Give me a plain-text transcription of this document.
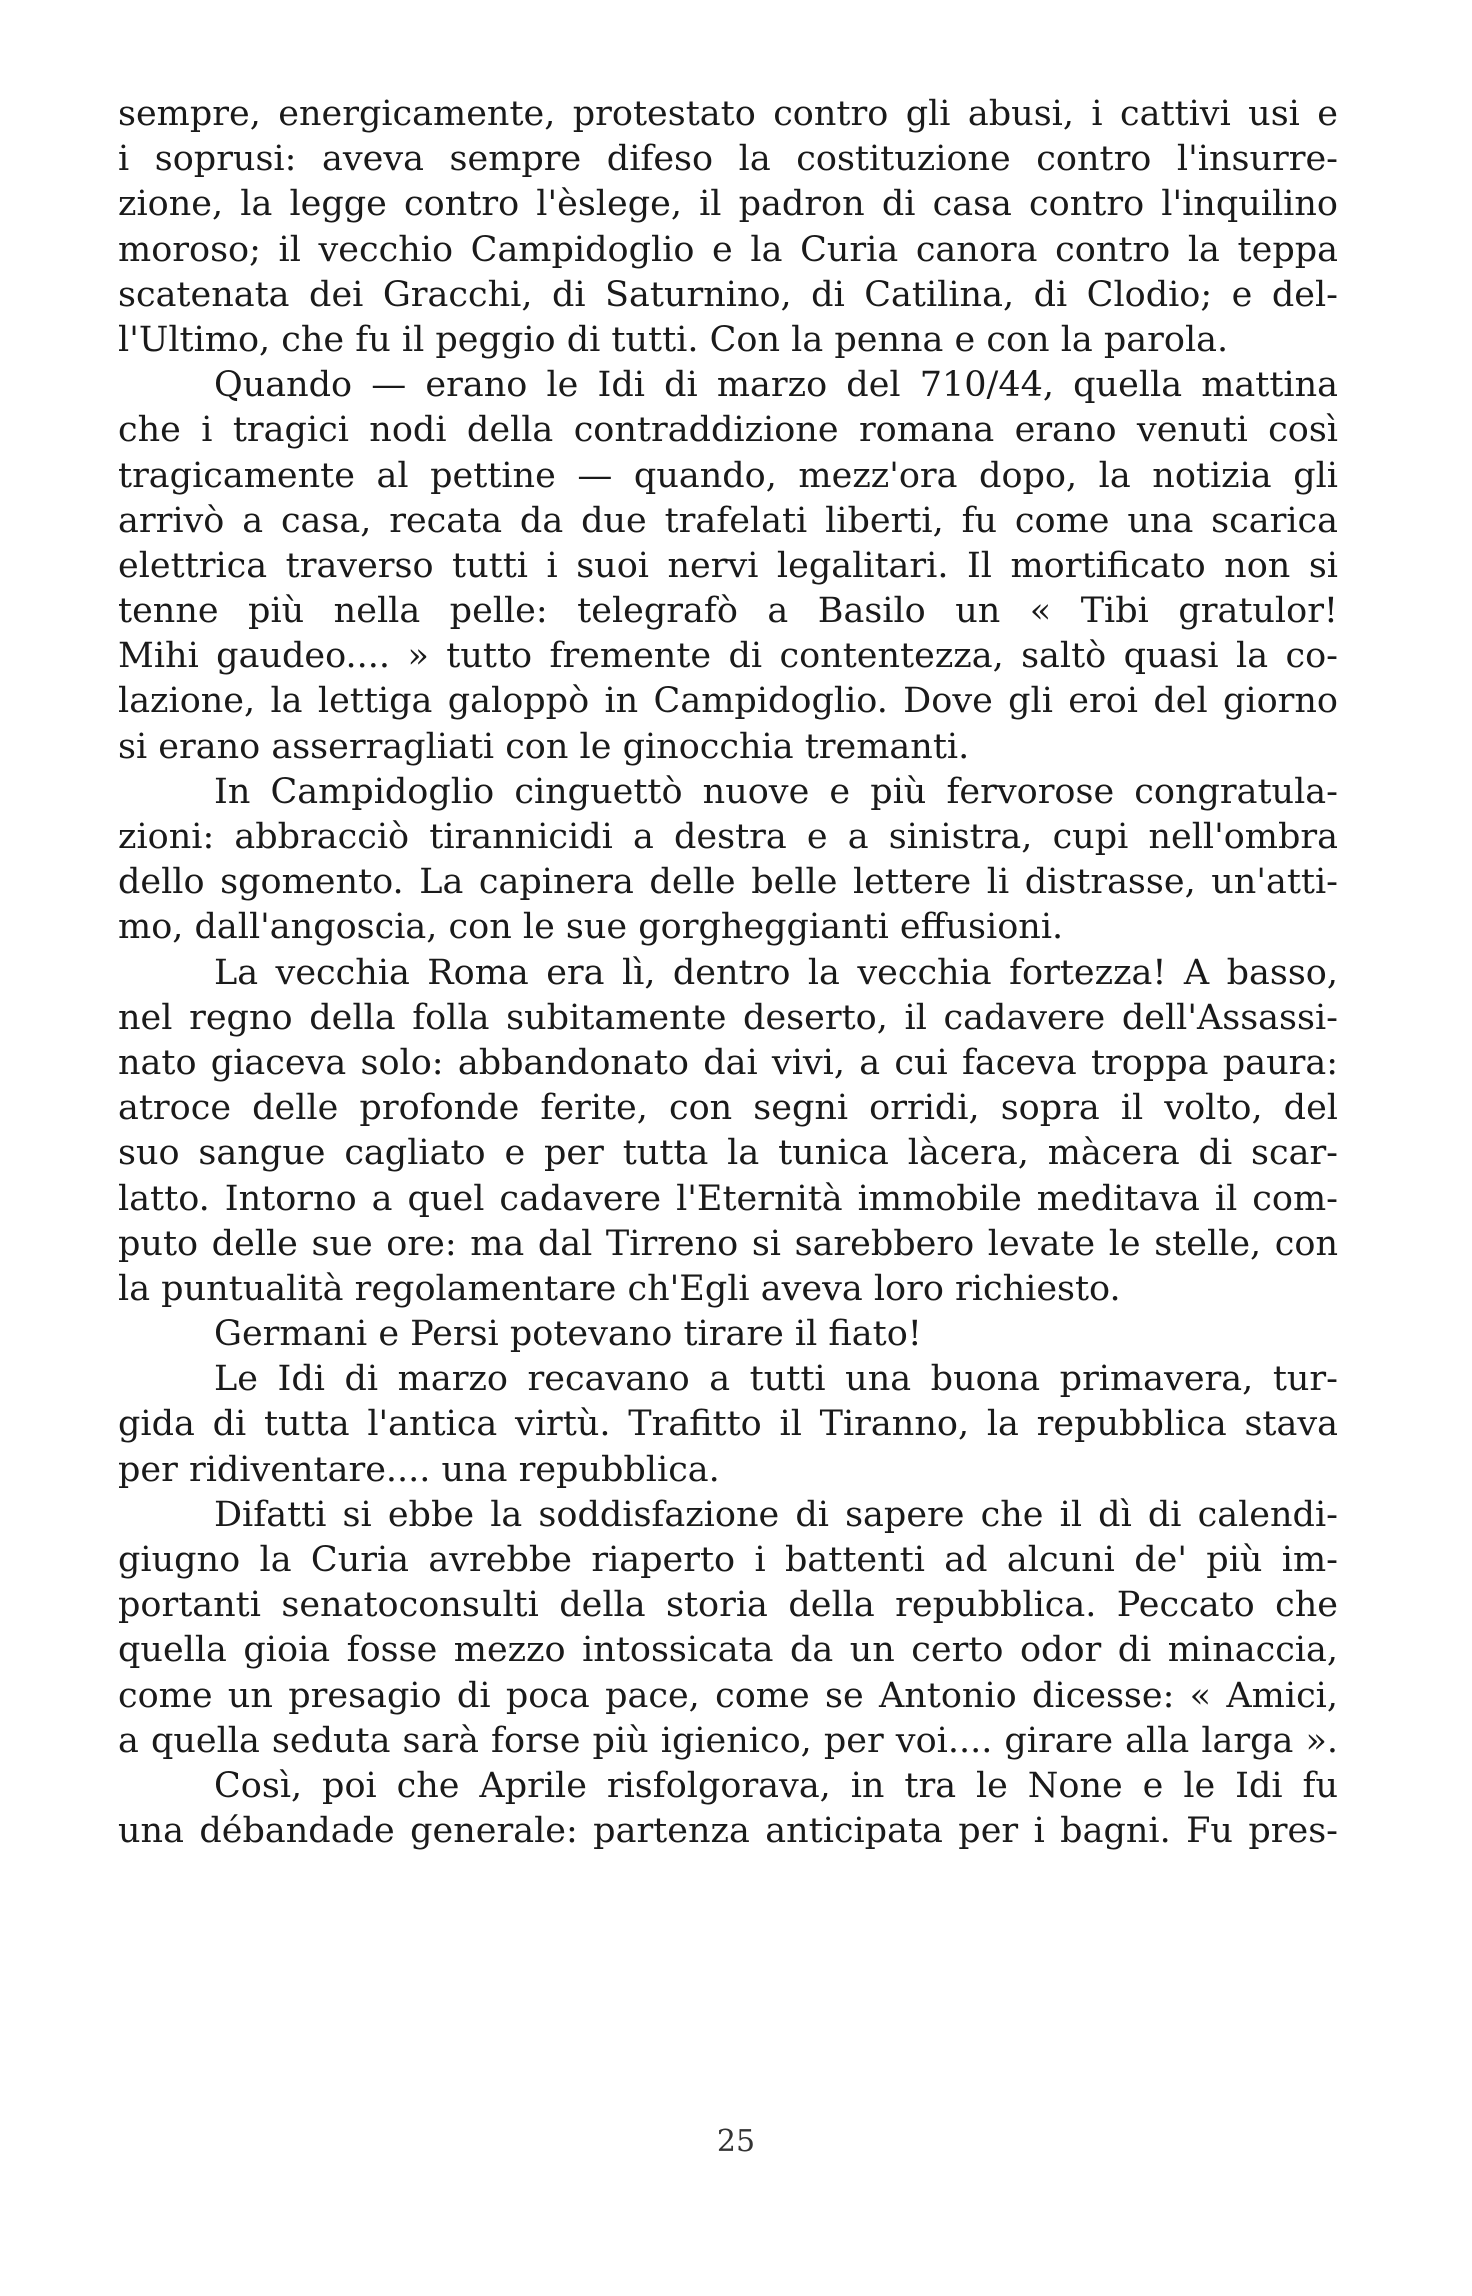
sempre, energicamente, protestato contro gli abusi, i cattivi usi e
i soprusi: aveva sempre difeso la costituzione contro l'insurre-
zione, la legge contro l'èslege, il padron di casa contro l'inquilino
moroso; il vecchio Campidoglio e la Curia canora contro la teppa
scatenata dei Gracchi, di Saturnino, di Catilina, di Clodio; e del-
l'Ultimo, che fu il peggio di tutti. Con la penna e con la parola.
Quando — erano le Idi di marzo del 710/44, quella mattina
che i tragici nodi della contraddizione romana erano venuti così
tragicamente al pettine — quando, mezz'ora dopo, la notizia gli
arrivò a casa, recata da due trafelati liberti, fu come una scarica
elettrica traverso tutti i suoi nervi legalitari. Il mortificato non si
tenne più nella pelle: telegrafò a Basilo un « Tibi gratulor!
Mihi gaudeo.... » tutto fremente di contentezza, saltò quasi la co-
lazione, la lettiga galoppò in Campidoglio. Dove gli eroi del giorno
si erano asserragliati con le ginocchia tremanti.
In Campidoglio cinguettò nuove e più fervorose congratula-
zioni: abbracciò tirannicidi a destra e a sinistra, cupi nell'ombra
dello sgomento. La capinera delle belle lettere li distrasse, un'atti-
mo, dall'angoscia, con le sue gorgheggianti effusioni.
La vecchia Roma era lì, dentro la vecchia fortezza! A basso,
nel regno della folla subitamente deserto, il cadavere dell'Assassi-
nato giaceva solo: abbandonato dai vivi, a cui faceva troppa paura:
atroce delle profonde ferite, con segni orridi, sopra il volto, del
suo sangue cagliato e per tutta la tunica làcera, màcera di scar-
latto. Intorno a quel cadavere l'Eternità immobile meditava il com-
puto delle sue ore: ma dal Tirreno si sarebbero levate le stelle, con
la puntualità regolamentare ch'Egli aveva loro richiesto.
Germani e Persi potevano tirare il fiato!
Le Idi di marzo recavano a tutti una buona primavera, tur-
gida di tutta l'antica virtù. Trafitto il Tiranno, la repubblica stava
per ridiventare.... una repubblica.
Difatti si ebbe la soddisfazione di sapere che il dì di calendi-
giugno la Curia avrebbe riaperto i battenti ad alcuni de' più im-
portanti senatoconsulti della storia della repubblica. Peccato che
quella gioia fosse mezzo intossicata da un certo odor di minaccia,
come un presagio di poca pace, come se Antonio dicesse: « Amici,
a quella seduta sarà forse più igienico, per voi.... girare alla larga ».
Così, poi che Aprile risfolgorava, in tra le None e le Idi fu
una débandade generale: partenza anticipata per i bagni. Fu pres-
25
